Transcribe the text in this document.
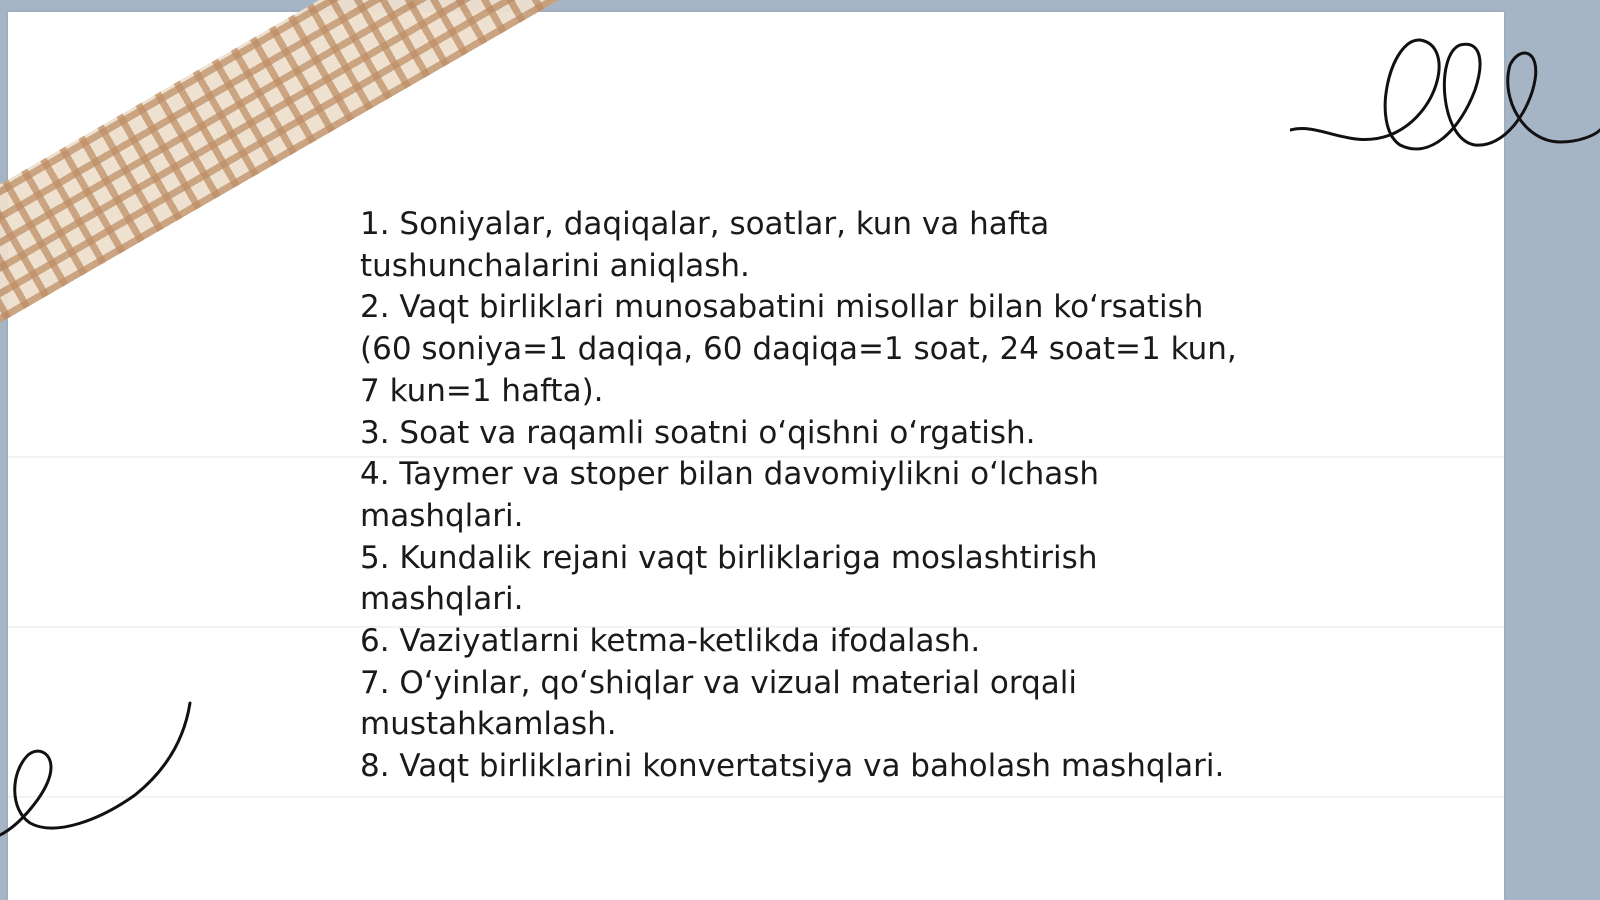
1. Soniyalar, daqiqalar, soatlar, kun va hafta tushunchalarini aniqlash.
2. Vaqt birliklari munosabatini misollar bilan ko‘rsatish (60 soniya=1 daqiqa, 60 daqiqa=1 soat, 24 soat=1 kun, 7 kun=1 hafta).
3. Soat va raqamli soatni o‘qishni o‘rgatish.
4. Taymer va stoper bilan davomiylikni o‘lchash mashqlari.
5. Kundalik rejani vaqt birliklariga moslashtirish mashqlari.
6. Vaziyatlarni ketma-ketlikda ifodalash.
7. O‘yinlar, qo‘shiqlar va vizual material orqali mustahkamlash.
8. Vaqt birliklarini konvertatsiya va baholash mashqlari.
